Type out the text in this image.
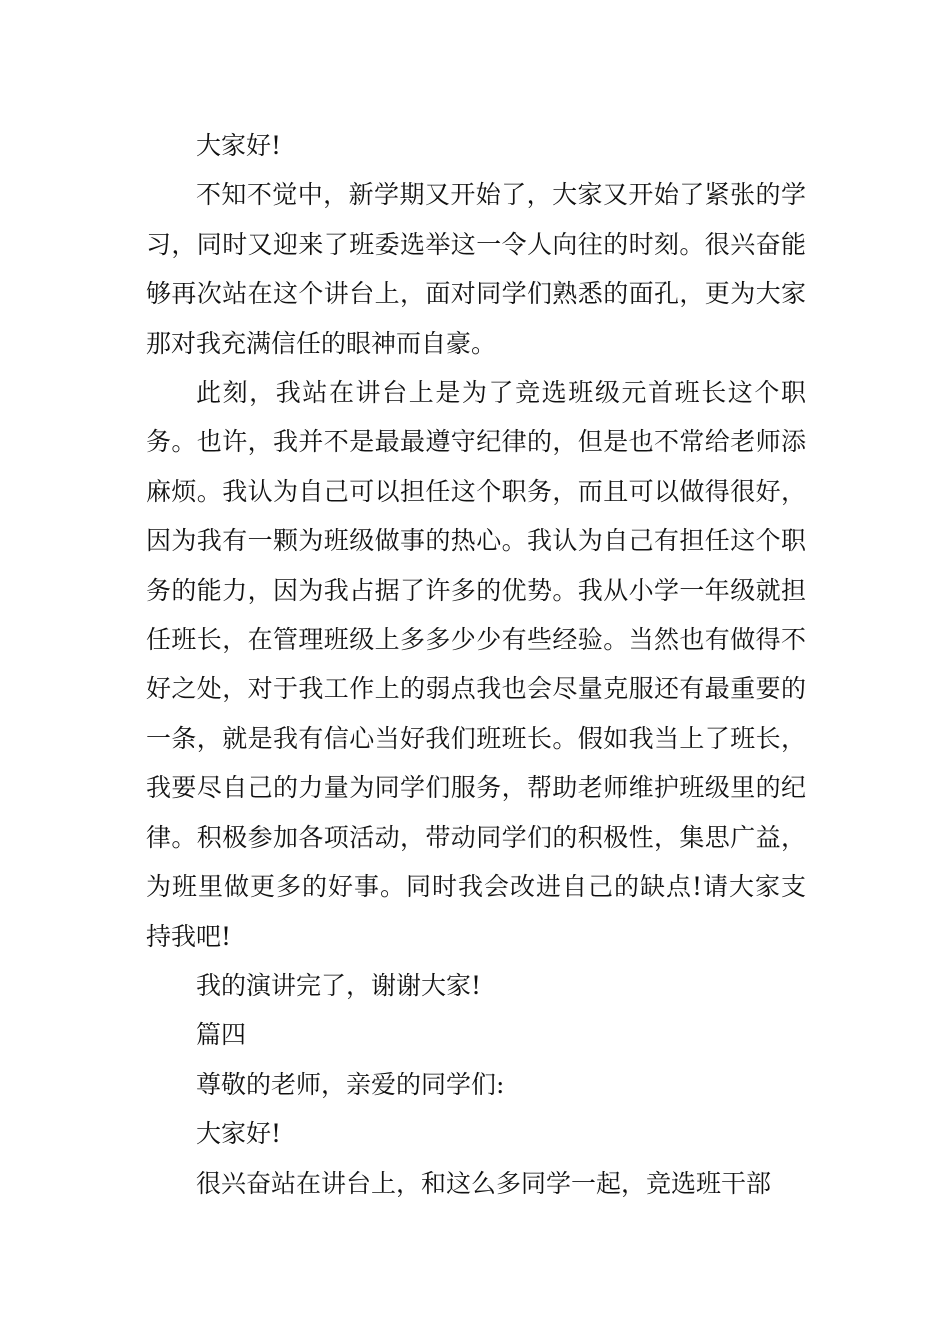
大家好!

不知不觉中，新学期又开始了，大家又开始了紧张的学习，同时又迎来了班委选举这一令人向往的时刻。很兴奋能够再次站在这个讲台上，面对同学们熟悉的面孔，更为大家那对我充满信任的眼神而自豪。

此刻，我站在讲台上是为了竞选班级元首班长这个职务。也许，我并不是最最遵守纪律的，但是也不常给老师添麻烦。我认为自己可以担任这个职务，而且可以做得很好，因为我有一颗为班级做事的热心。我认为自己有担任这个职务的能力，因为我占据了许多的优势。我从小学一年级就担任班长，在管理班级上多多少少有些经验。当然也有做得不好之处，对于我工作上的弱点我也会尽量克服还有最重要的一条，就是我有信心当好我们班班长。假如我当上了班长，我要尽自己的力量为同学们服务，帮助老师维护班级里的纪律。积极参加各项活动，带动同学们的积极性，集思广益，为班里做更多的好事。同时我会改进自己的缺点!请大家支持我吧!

我的演讲完了，谢谢大家!

篇四

尊敬的老师，亲爱的同学们:

大家好!

很兴奋站在讲台上，和这么多同学一起，竞选班干部
